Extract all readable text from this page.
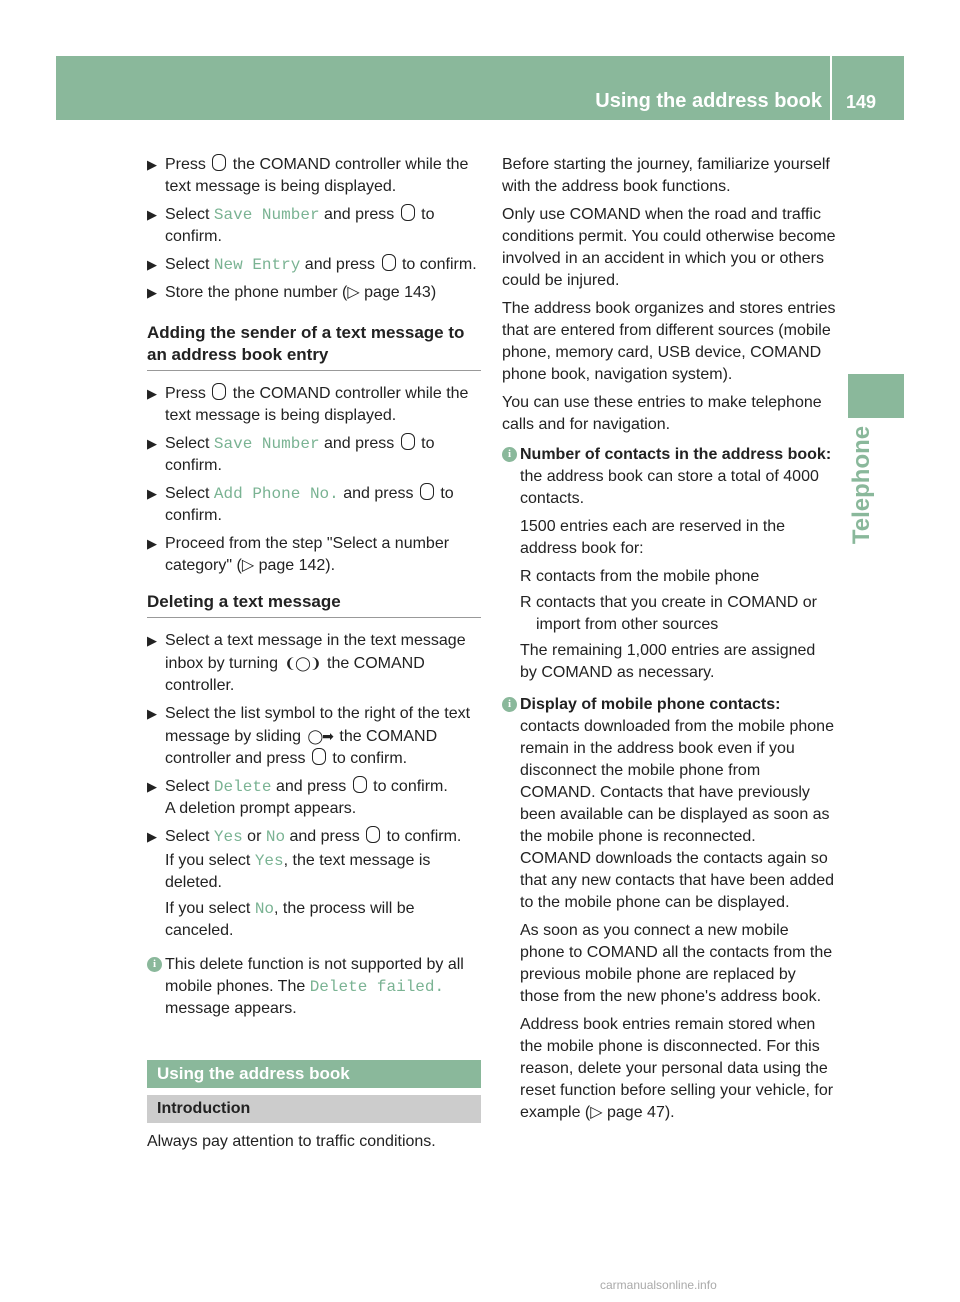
Using the address book 149
Telephone
▶ Press  the COMAND controller while the text message is being displayed.
▶ Select Save Number and press  to confirm.
▶ Select New Entry and press  to confirm.
▶ Store the phone number (▷ page 143)
Adding the sender of a text message to an address book entry
▶ Press  the COMAND controller while the text message is being displayed.
▶ Select Save Number and press  to confirm.
▶ Select Add Phone No. and press  to confirm.
▶ Proceed from the step "Select a number category" (▷ page 142).
Deleting a text message
▶ Select a text message in the text message inbox by turning ❨◯❩ the COMAND controller.
▶ Select the list symbol to the right of the text message by sliding ◯➡ the COMAND controller and press  to confirm.
▶ Select Delete and press  to confirm.
A deletion prompt appears.
▶ Select Yes or No and press  to confirm.
If you select Yes, the text message is deleted.
If you select No, the process will be canceled.
i This delete function is not supported by all mobile phones. The Delete failed. message appears.
Using the address book
Introduction

Always pay attention to traffic conditions.

Before starting the journey, familiarize yourself with the address book functions.

Only use COMAND when the road and traffic conditions permit. You could otherwise become involved in an accident in which you or others could be injured.

The address book organizes and stores entries that are entered from different sources (mobile phone, memory card, USB device, COMAND phone book, navigation system).

You can use these entries to make telephone calls and for navigation.

i Number of contacts in the address book: the address book can store a total of 4000 contacts.

1500 entries each are reserved in the address book for:

R contacts from the mobile phone
R contacts that you create in COMAND or import from other sources

The remaining 1,000 entries are assigned by COMAND as necessary.

i Display of mobile phone contacts:
contacts downloaded from the mobile phone remain in the address book even if you disconnect the mobile phone from COMAND. Contacts that have previously been available can be displayed as soon as the mobile phone is reconnected.

COMAND downloads the contacts again so that any new contacts that have been added to the mobile phone can be displayed.

As soon as you connect a new mobile phone to COMAND all the contacts from the previous mobile phone are replaced by those from the new phone's address book.

Address book entries remain stored when the mobile phone is disconnected. For this reason, delete your personal data using the reset function before selling your vehicle, for example (▷ page 47).

carmanualsonline.info
